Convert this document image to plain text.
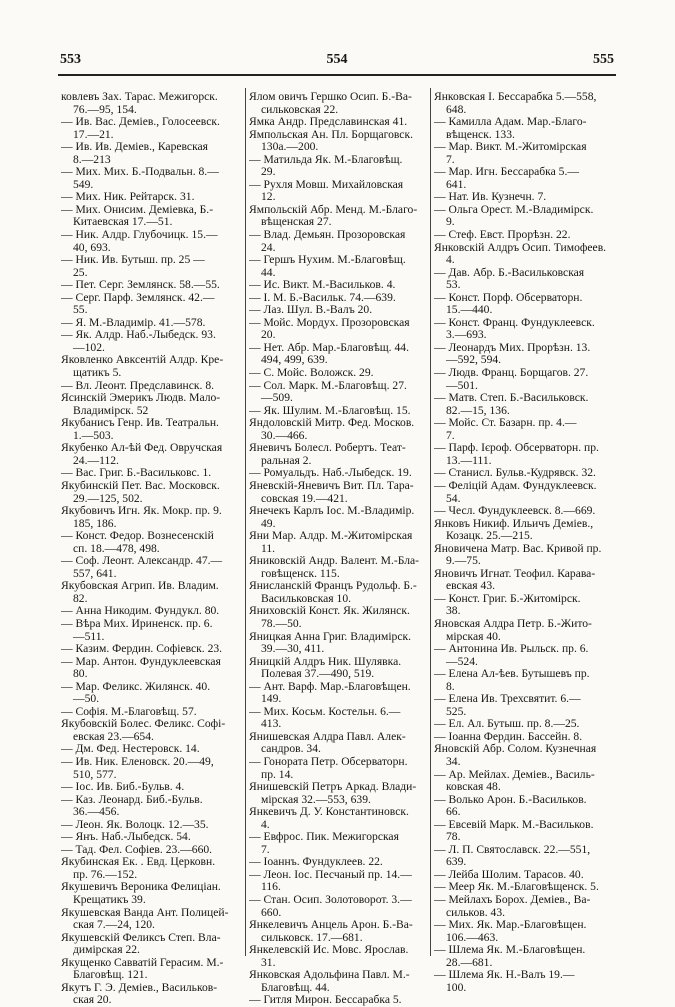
553	554	555
ковлевъ Зах. Тарас. Межигорск.
76.—95, 154.
— Ив. Вас. Деміев., Голосеевск.
17.—21.
— Ив. Ив. Деміев., Каревская
8.—213
— Мих. Мих. Б.-Подвальн. 8.—
549.
— Мих. Ник. Рейтарск. 31.
— Мих. Онисим. Деміевка, Б.-
Китаевская 17.—51.
— Ник. Алдр. Глубочицк. 15.—
40, 693.
— Ник. Ив. Бутыш. пр. 25 —
25.
— Пет. Серг. Землянск. 58.—55.
— Серг. Парф. Землянск. 42.—
55.
— Я. М.-Владимір. 41.—578.
— Як. Алдр. Наб.-Лыбедск. 93.
—102.
Яковленко Авксентій Алдр. Кре-
щатикъ 5.
— Вл. Леонт. Предславинск. 8.
Ясинскій Эмерикъ Людв. Мало-
Владимірск. 52
Якубанисъ Генр. Ив. Театральн.
1.—503.
Якубенко Ал-ѣй Фед. Овручская
24.—112.
— Вас. Григ. Б.-Васильковс. 1.
Якубинскій Пет. Вас. Московск.
29.—125, 502.
Якубовичъ Игн. Як. Мокр. пр. 9.
185, 186.
— Конст. Федор. Вознесенскій
сп. 18.—478, 498.
— Соф. Леонт. Александр. 47.—
557, 641.
Якубовская Агрип. Ив. Владим.
82.
— Анна Никодим. Фундукл. 80.
— Вѣра Мих. Ириненск. пр. 6.
—511.
— Казим. Фердин. Софіевск. 23.
— Мар. Антон. Фундуклеевская
80.
— Мар. Феликс. Жилянск. 40.
—50.
— Софія. М.-Благовѣщ. 57.
Якубовскій Болес. Феликс. Софі-
евская 23.—654.
— Дм. Фед. Нестеровск. 14.
— Ив. Ник. Еленовск. 20.—49,
510, 577.
— Іос. Ив. Биб.-Бульв. 4.
— Каз. Леонард. Биб.-Бульв.
36.—456.
— Леон. Як. Волоцк. 12.—35.
— Янъ. Наб.-Лыбедск. 54.
— Тад. Фел. Софіев. 23.—660.
Якубинская Ек. . Евд. Церковн.
пр. 76.—152.
Якушевичъ Вероника Фелиціан.
Крещатикъ 39.
Якушевская Ванда Ант. Полицей-
ская 7.—24, 120.
Якушевскій Феликсъ Степ. Вла-
димірская 22.
Якущенко Савватій Герасим. М.-
Благовѣщ. 121.
Якутъ Г. Э. Деміев., Васильков-
ская 20.
Ялом овичъ Гершко Осип. Б.-Ва-
сильковская 22.
Ямка Андр. Предславинская 41.
Ямпольская Ан. Пл. Борщаговск.
130а.—200.
— Матильда Як. М.-Благовѣщ.
29.
— Рухля Мовш. Михайловская
12.
Ямпольскій Абр. Менд. М.-Благо-
вѣщенская 27.
— Влад. Демьян. Прозоровская
24.
— Гершъ Нухим. М.-Благовѣщ.
44.
— Ис. Викт. М.-Васильков. 4.
— І. М. Б.-Васильк. 74.—639.
— Лаз. Шул. В.-Валъ 20.
— Мойс. Мордух. Прозоровская
20.
— Нет. Абр. Мар.-Благовѣщ. 44.
494, 499, 639.
— С. Мойс. Воложск. 29.
— Сол. Марк. М.-Благовѣщ. 27.
—509.
— Як. Шулим. М.-Благовѣщ. 15.
Яндоловскій Митр. Фед. Москов.
30.—466.
Яневичъ Болесл. Робертъ. Теат-
ральная 2.
— Ромуальдъ. Наб.-Лыбедск. 19.
Яневскій-Яневичъ Вит. Пл. Тара-
совская 19.—421.
Янечекъ Карлъ Іос. М.-Владимір.
49.
Яни Мар. Алдр. М.-Житомірская
11.
Яниковскій Андр. Валент. М.-Бла-
говѣщенск. 115.
Янисланскій Францъ Рудольф. Б.-
Васильковская 10.
Яниховскій Конст. Як. Жилянск.
78.—50.
Яницкая Анна Григ. Владимірск.
39.—30, 411.
Яницкій Алдръ Ник. Шулявка.
Полевая 37.—490, 519.
— Ант. Варф. Мар.-Благовѣщен.
149.
— Мих. Косьм. Костельн. 6.—
413.
Янишевская Алдра Павл. Алек-
сандров. 34.
— Гонората Петр. Обсерваторн.
пр. 14.
Янишевскій Петръ Аркад. Влади-
мірская 32.—553, 639.
Янкевичъ Д. У. Константиновск.
4.
— Евфрос. Пик. Межигорская
7.
— Іоаннъ. Фундуклеев. 22.
— Леон. Іос. Песчаный пр. 14.—
116.
— Стан. Осип. Золотоворот. 3.—
660.
Янкелевичъ Анцель Арон. Б.-Ва-
сильковск. 17.—681.
Янкелевскій Ис. Мовс. Ярослав.
31.
Янковская Адольфина Павл. М.-
Благовѣщ. 44.
— Гитля Мирон. Бессарабка 5.
Янковская І. Бессарабка 5.—558,
648.
— Камилла Адам. Мар.-Благо-
вѣщенск. 133.
— Мар. Викт. М.-Житомірская
7.
— Мар. Игн. Бессарабка 5.—
641.
— Нат. Ив. Кузнечн. 7.
— Ольга Орест. М.-Владимірск.
9.
— Стеф. Евст. Прорѣзн. 22.
Янковскій Алдръ Осип. Тимофеев.
4.
— Дав. Абр. Б.-Васильковская
53.
— Конст. Порф. Обсерваторн.
15.—440.
— Конст. Франц. Фундуклеевск.
3.—693.
— Леонардъ Мих. Прорѣзн. 13.
—592, 594.
— Людв. Франц. Борщагов. 27.
—501.
— Матв. Степ. Б.-Васильковск.
82.—15, 136.
— Мойс. Ст. Базарн. пр. 4.—
7.
— Парф. Ієроф. Обсерваторн. пр.
13.—111.
— Станисл. Бульв.-Кудрявск. 32.
— Феліцій Адам. Фундуклеевск.
54.
— Чесл. Фундуклеевск. 8.—669.
Янковъ Никиф. Ильичъ Деміев.,
Козацк. 25.—215.
Яновичена Матр. Вас. Кривой пр.
9.—75.
Яновичъ Игнат. Теофил. Карава-
евская 43.
— Конст. Григ. Б.-Житомірск.
38.
Яновская Алдра Петр. Б.-Жито-
мірская 40.
— Антонина Ив. Рыльск. пр. 6.
—524.
— Елена Ал-ѣев. Бутышевъ пр.
8.
— Елена Ив. Трехсвятит. 6.—
525.
— Ел. Ал. Бутыш. пр. 8.—25.
— Іоанна Фердин. Бассейн. 8.
Яновскій Абр. Солом. Кузнечная
34.
— Ар. Мейлах. Деміев., Василь-
ковская 48.
— Волько Арон. Б.-Васильков.
66.
— Евсевій Марк. М.-Васильков.
78.
— Л. П. Святославск. 22.—551,
639.
— Лейба Шолим. Тарасов. 40.
— Меер Як. М.-Благовѣщенск. 5.
— Мейлахъ Борох. Деміев., Ва-
сильков. 43.
— Мих. Як. Мар.-Благовѣщен.
106.—463.
— Шлема Як. М.-Благовѣщен.
28.—681.
— Шлема Як. Н.-Валъ 19.—
100.
